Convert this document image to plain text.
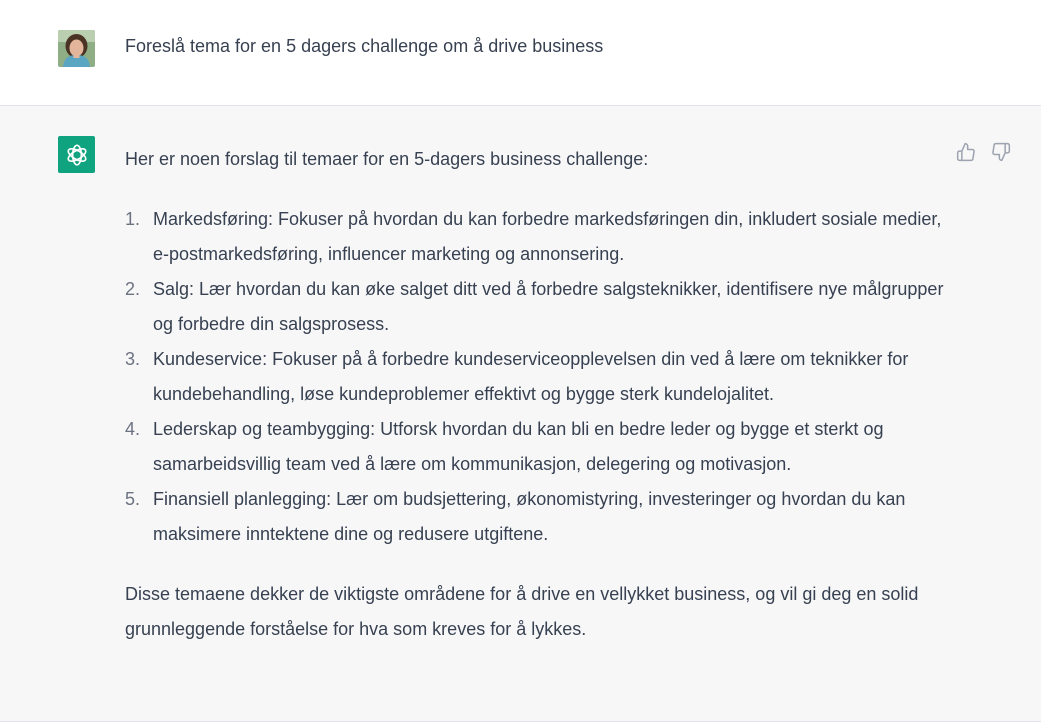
Foreslå tema for en 5 dagers challenge om å drive business

Her er noen forslag til temaer for en 5-dagers business challenge:

1. Markedsføring: Fokuser på hvordan du kan forbedre markedsføringen din, inkludert sosiale medier, e-postmarkedsføring, influencer marketing og annonsering.
2. Salg: Lær hvordan du kan øke salget ditt ved å forbedre salgsteknikker, identifisere nye målgrupper og forbedre din salgsprosess.
3. Kundeservice: Fokuser på å forbedre kundeserviceopplevelsen din ved å lære om teknikker for kundebehandling, løse kundeproblemer effektivt og bygge sterk kundelojalitet.
4. Lederskap og teambygging: Utforsk hvordan du kan bli en bedre leder og bygge et sterkt og samarbeidsvillig team ved å lære om kommunikasjon, delegering og motivasjon.
5. Finansiell planlegging: Lær om budsjettering, økonomistyring, investeringer og hvordan du kan maksimere inntektene dine og redusere utgiftene.

Disse temaene dekker de viktigste områdene for å drive en vellykket business, og vil gi deg en solid grunnleggende forståelse for hva som kreves for å lykkes.
